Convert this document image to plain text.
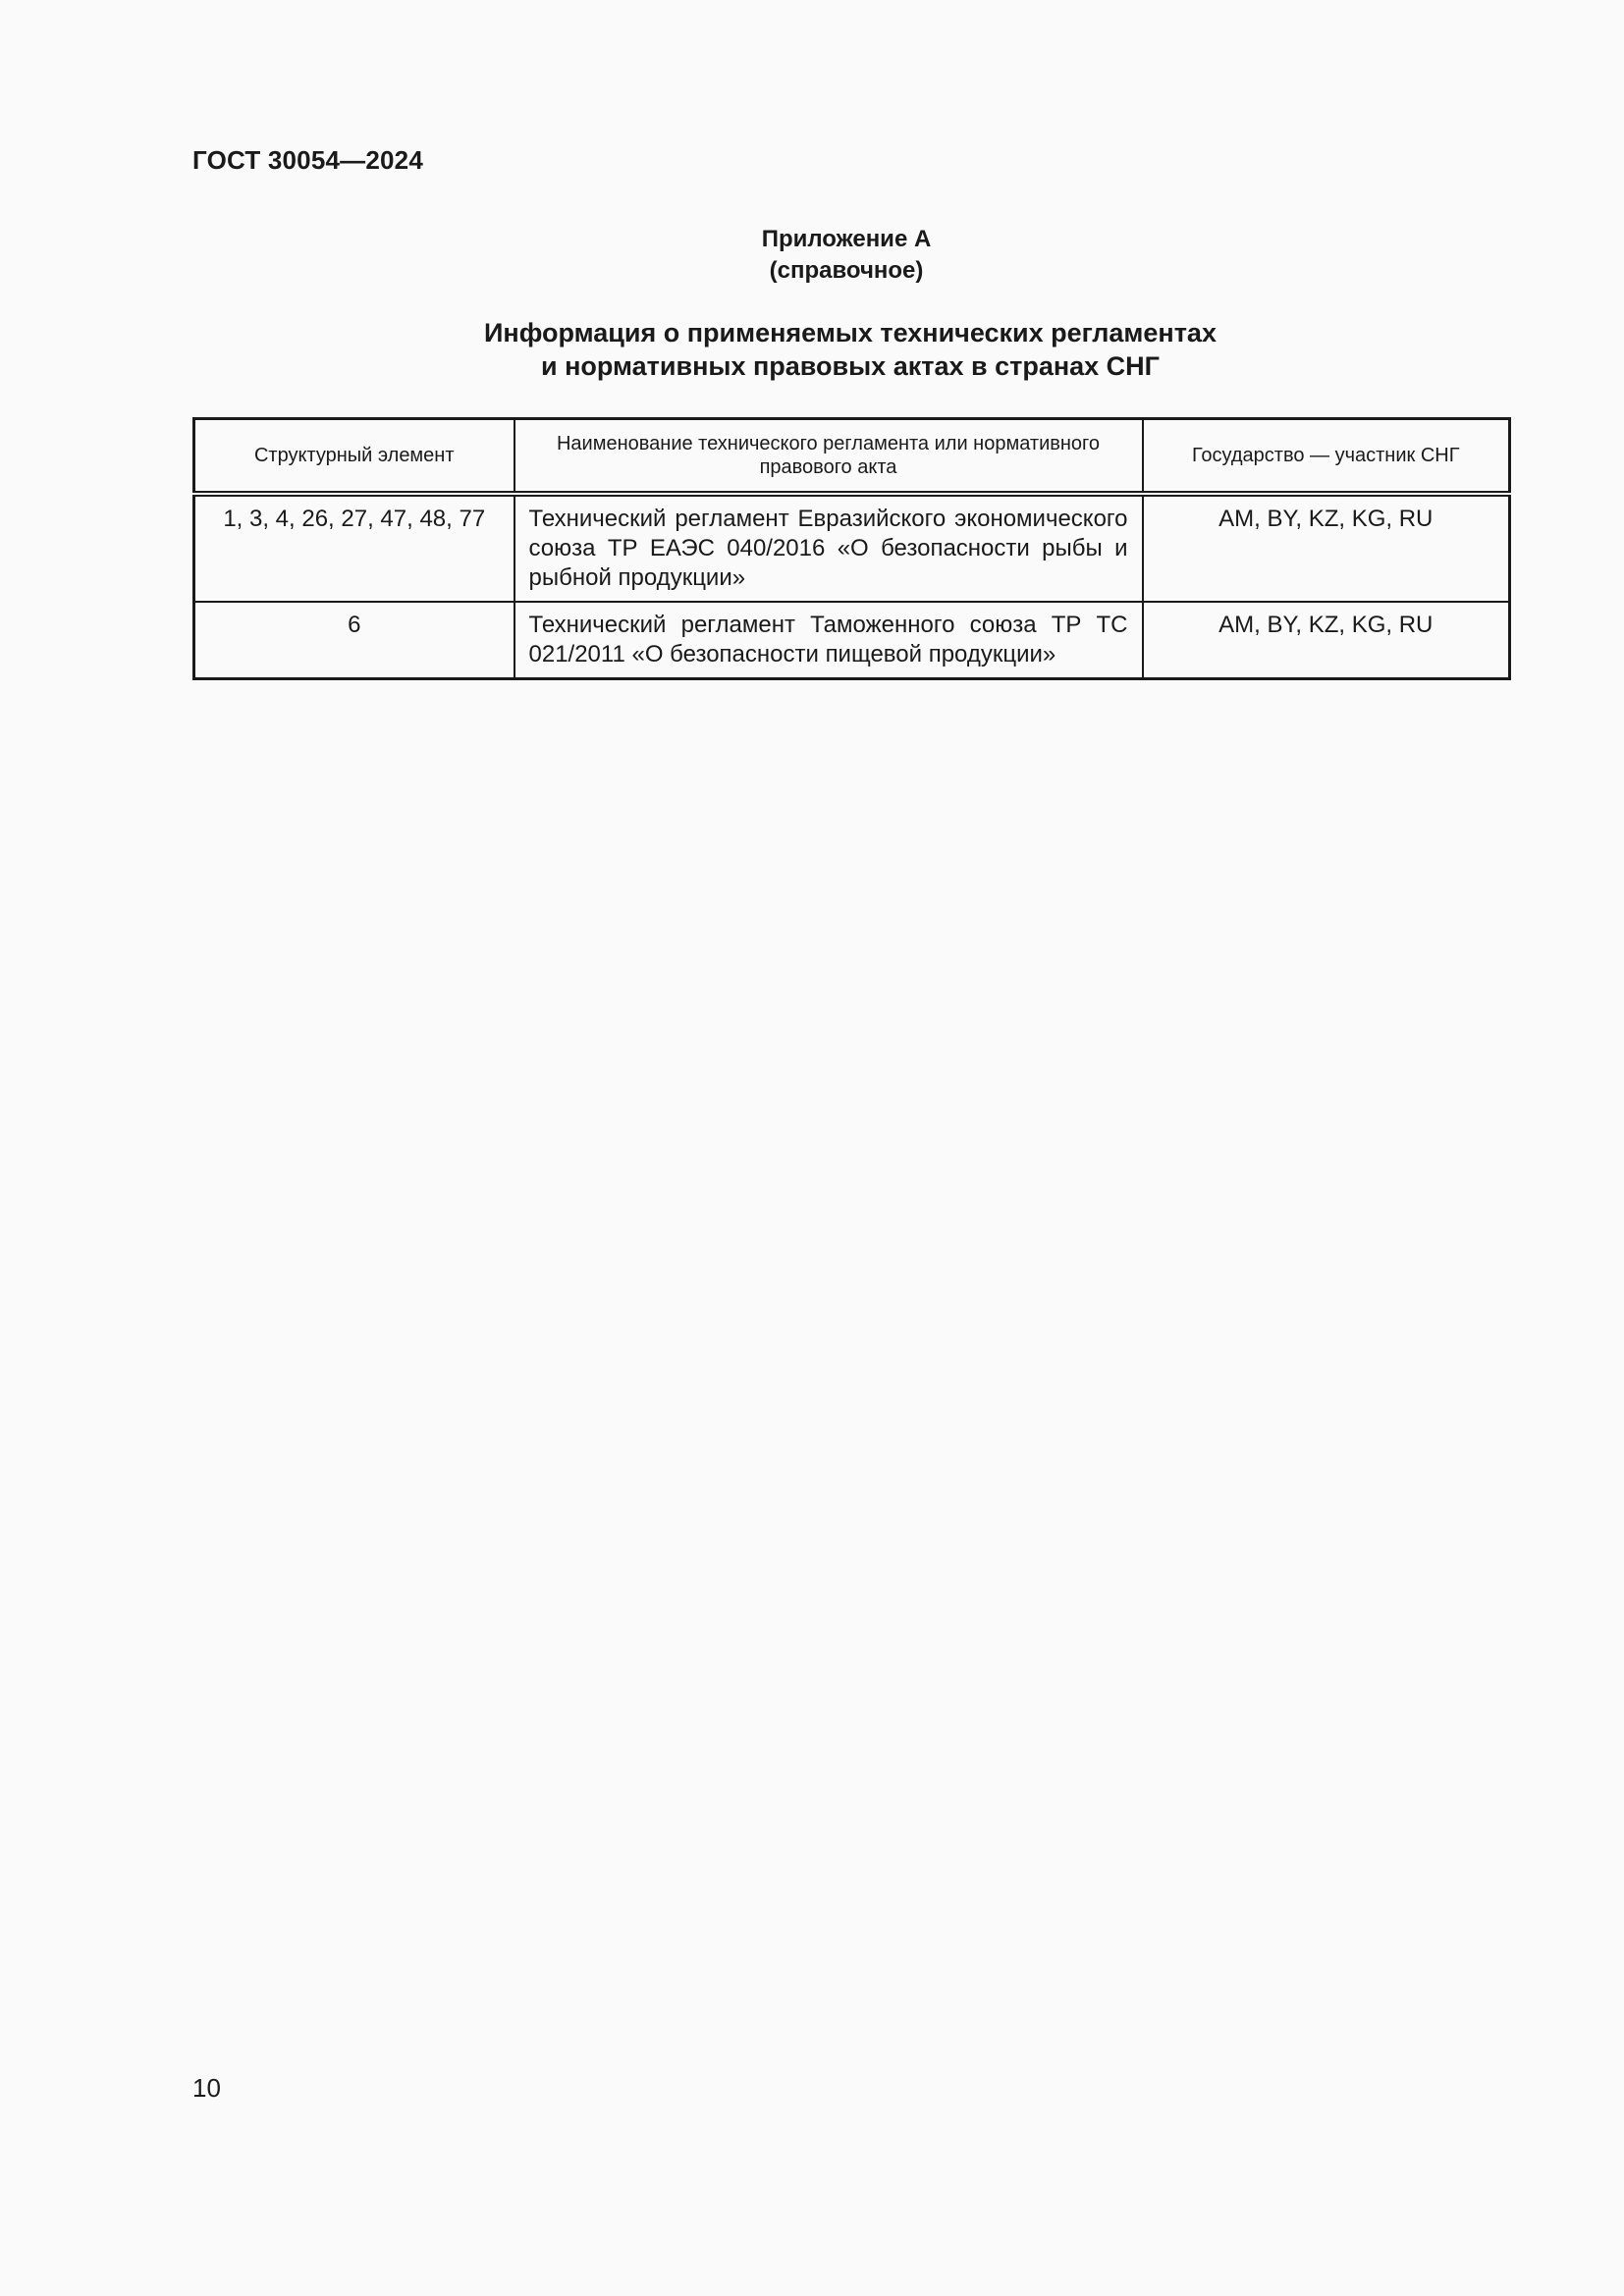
ГОСТ 30054—2024
Приложение А
(справочное)
Информация о применяемых технических регламентах
и нормативных правовых актах в странах СНГ
Структурный элемент	Наименование технического регламента или нормативного правового акта	Государство — участник СНГ
1, 3, 4, 26, 27, 47, 48, 77	Технический регламент Евразийского экономического союза ТР ЕАЭС 040/2016 «О безопасности рыбы и рыбной продукции»	AM, BY, KZ, KG, RU
6	Технический регламент Таможенного союза ТР ТС 021/2011 «О безопасности пищевой продукции»	AM, BY, KZ, KG, RU
10
